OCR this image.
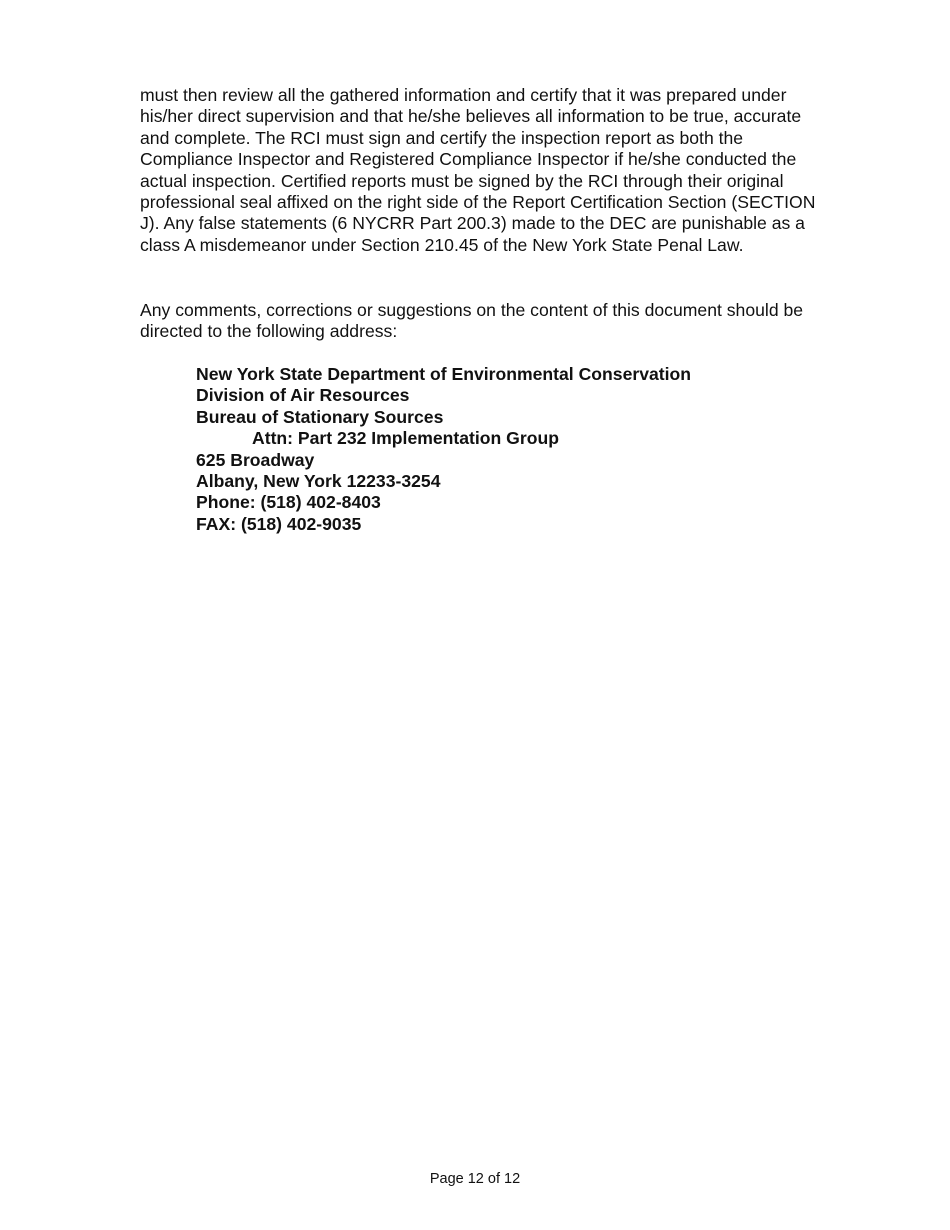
must then review all the gathered information and certify that it was prepared under
his/her direct supervision and that he/she believes all information to be true, accurate
and complete. The RCI must sign and certify the inspection report as both the
Compliance Inspector and Registered Compliance Inspector if he/she conducted the
actual inspection. Certified reports must be signed by the RCI through their original
professional seal affixed on the right side of the Report Certification Section (SECTION
J). Any false statements (6 NYCRR Part 200.3) made to the DEC are punishable as a
class A misdemeanor under Section 210.45 of the New York State Penal Law.
Any comments, corrections or suggestions on the content of this document should be
directed to the following address:
New York State Department of Environmental Conservation
Division of Air Resources
Bureau of Stationary Sources
Attn: Part 232 Implementation Group
625 Broadway
Albany, New York 12233-3254
Phone: (518) 402-8403
FAX: (518) 402-9035
Page 12 of 12
